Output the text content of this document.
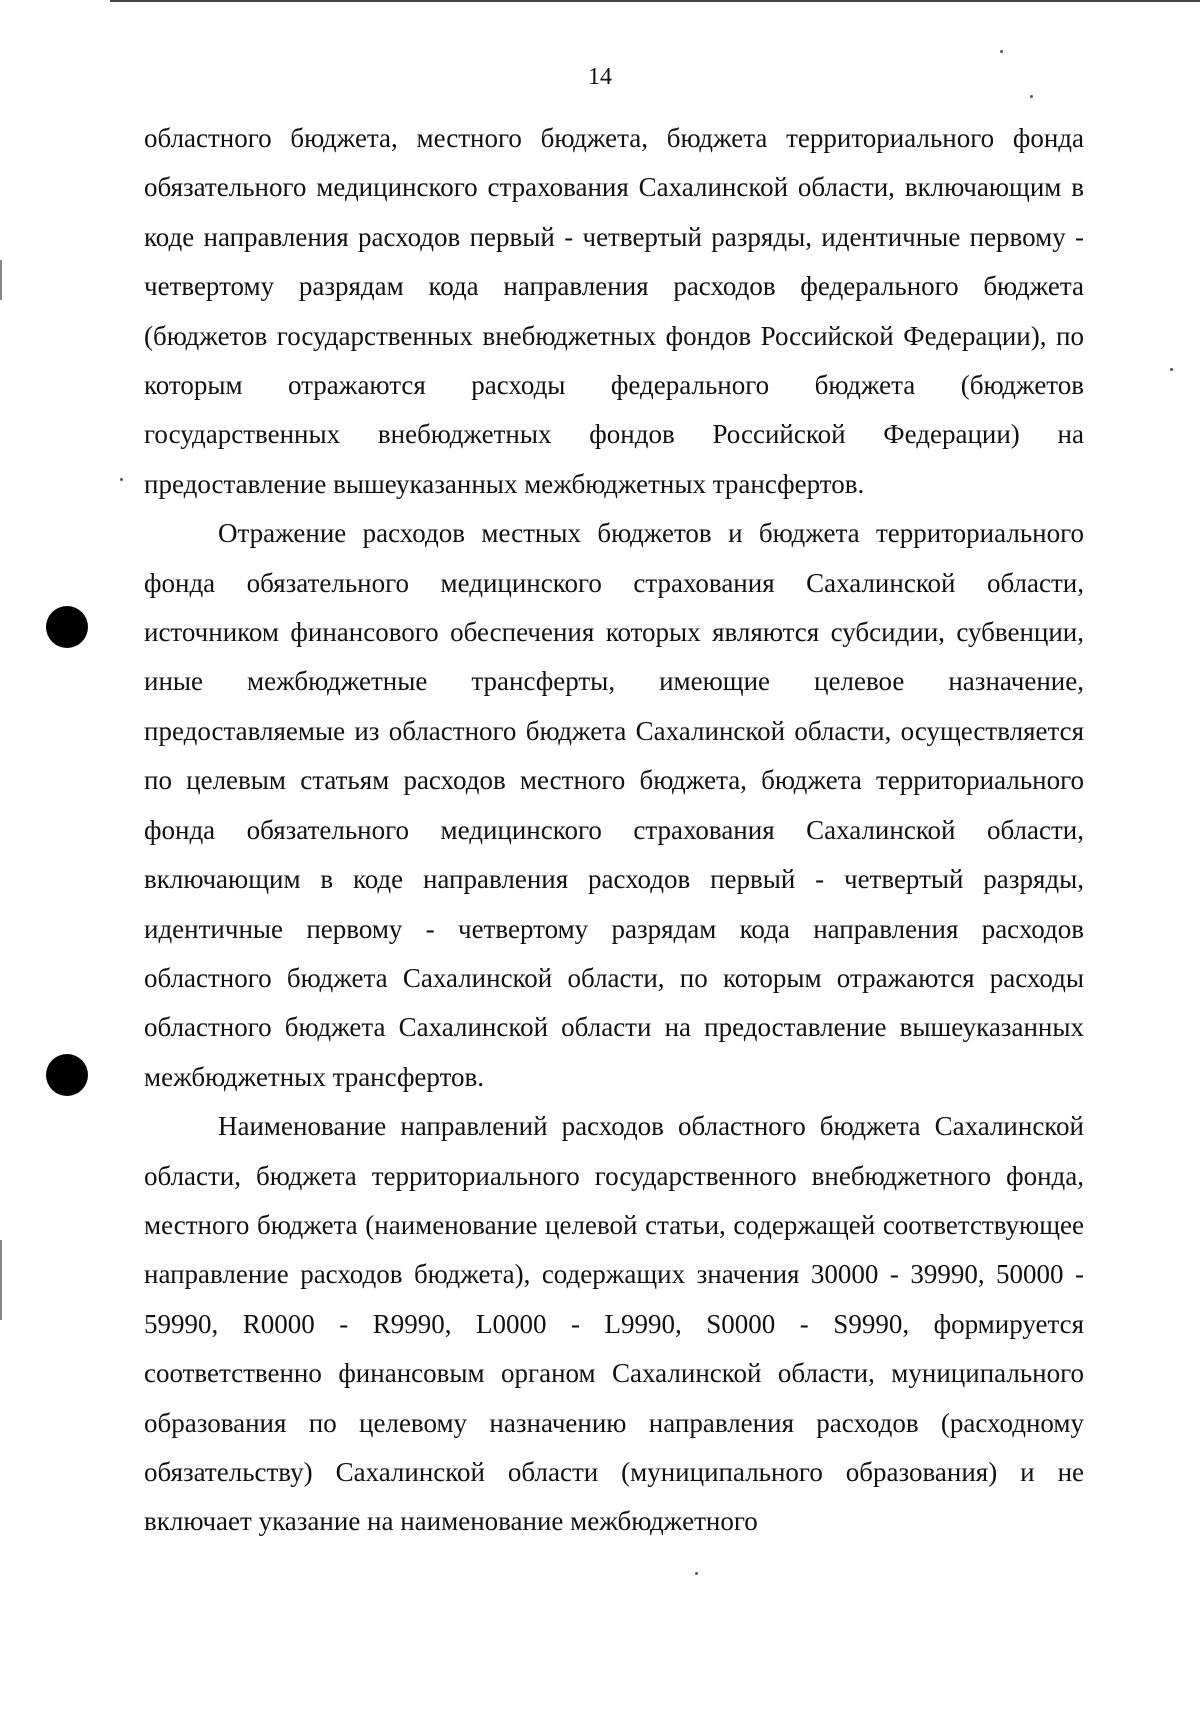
14

областного бюджета, местного бюджета, бюджета территориального фонда обязательного медицинского страхования Сахалинской области, включающим в коде направления расходов первый - четвертый разряды, идентичные первому - четвертому разрядам кода направления расходов федерального бюджета (бюджетов государственных внебюджетных фондов Российской Федерации), по которым отражаются расходы федерального бюджета (бюджетов государственных внебюджетных фондов Российской Федерации) на предоставление вышеуказанных межбюджетных трансфертов.

Отражение расходов местных бюджетов и бюджета территориального фонда обязательного медицинского страхования Сахалинской области, источником финансового обеспечения которых являются субсидии, субвенции, иные межбюджетные трансферты, имеющие целевое назначение, предоставляемые из областного бюджета Сахалинской области, осуществляется по целевым статьям расходов местного бюджета, бюджета территориального фонда обязательного медицинского страхования Сахалинской области, включающим в коде направления расходов первый - четвертый разряды, идентичные первому - четвертому разрядам кода направления расходов областного бюджета Сахалинской области, по которым отражаются расходы областного бюджета Сахалинской области на предоставление вышеуказанных межбюджетных трансфертов.

Наименование направлений расходов областного бюджета Сахалинской области, бюджета территориального государственного внебюджетного фонда, местного бюджета (наименование целевой статьи, содержащей соответствующее направление расходов бюджета), содержащих значения 30000 - 39990, 50000 - 59990, R0000 - R9990, L0000 - L9990, S0000 - S9990, формируется соответственно финансовым органом Сахалинской области, муниципального образования по целевому назначению направления расходов (расходному обязательству) Сахалинской области (муниципального образования) и не включает указание на наименование межбюджетного
